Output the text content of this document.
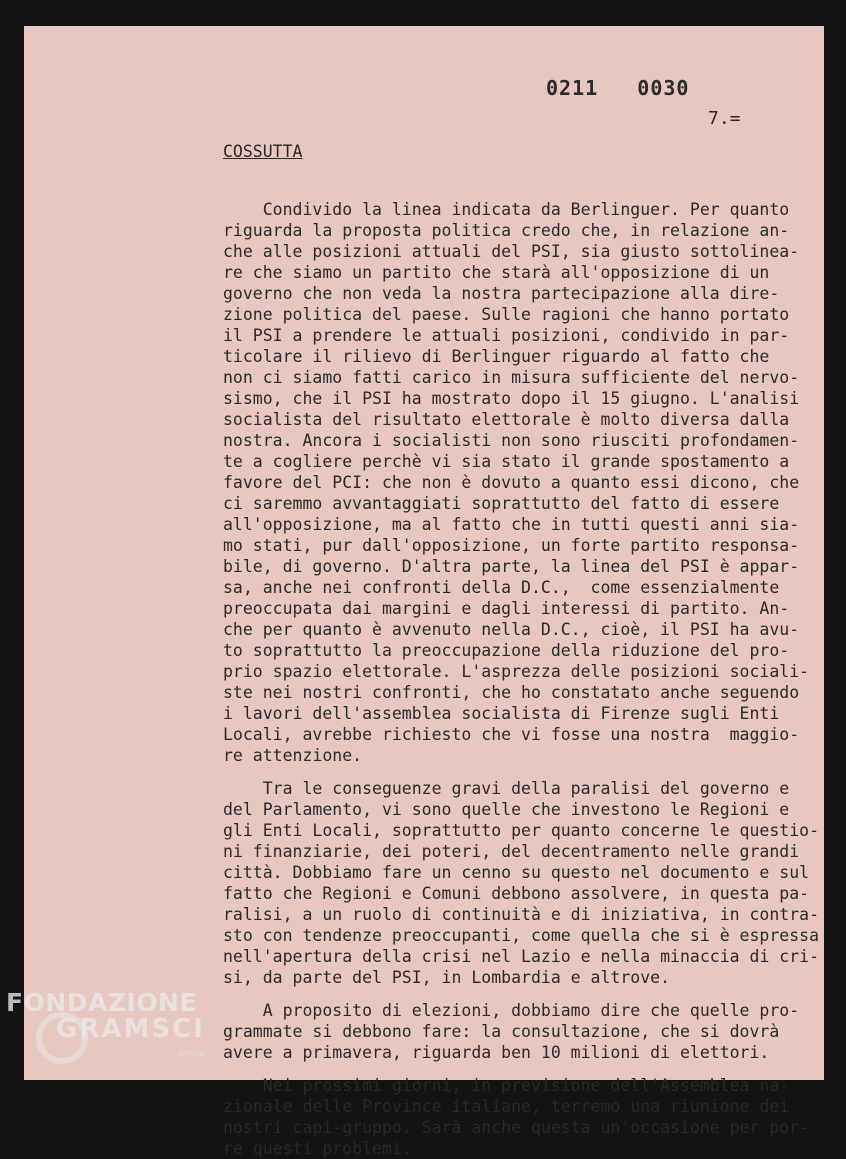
0211   0030
7.=
COSSUTTA
Condivido la linea indicata da Berlinguer. Per quanto
riguarda la proposta politica credo che, in relazione an-
che alle posizioni attuali del PSI, sia giusto sottolinea-
re che siamo un partito che starà all'opposizione di un
governo che non veda la nostra partecipazione alla dire-
zione politica del paese. Sulle ragioni che hanno portato
il PSI a prendere le attuali posizioni, condivido in par-
ticolare il rilievo di Berlinguer riguardo al fatto che
non ci siamo fatti carico in misura sufficiente del nervo-
sismo, che il PSI ha mostrato dopo il 15 giugno. L'analisi
socialista del risultato elettorale è molto diversa dalla
nostra. Ancora i socialisti non sono riusciti profondamen-
te a cogliere perchè vi sia stato il grande spostamento a
favore del PCI: che non è dovuto a quanto essi dicono, che
ci saremmo avvantaggiati soprattutto del fatto di essere
all'opposizione, ma al fatto che in tutti questi anni sia-
mo stati, pur dall'opposizione, un forte partito responsa-
bile, di governo. D'altra parte, la linea del PSI è appar-
sa, anche nei confronti della D.C.,  come essenzialmente
preoccupata dai margini e dagli interessi di partito. An-
che per quanto è avvenuto nella D.C., cioè, il PSI ha avu-
to soprattutto la preoccupazione della riduzione del pro-
prio spazio elettorale. L'asprezza delle posizioni sociali-
ste nei nostri confronti, che ho constatato anche seguendo
i lavori dell'assemblea socialista di Firenze sugli Enti
Locali, avrebbe richiesto che vi fosse una nostra  maggio-
re attenzione.
Tra le conseguenze gravi della paralisi del governo e
del Parlamento, vi sono quelle che investono le Regioni e
gli Enti Locali, soprattutto per quanto concerne le questio-
ni finanziarie, dei poteri, del decentramento nelle grandi
città. Dobbiamo fare un cenno su questo nel documento e sul
fatto che Regioni e Comuni debbono assolvere, in questa pa-
ralisi, a un ruolo di continuità e di iniziativa, in contra-
sto con tendenze preoccupanti, come quella che si è espressa
nell'apertura della crisi nel Lazio e nella minaccia di cri-
si, da parte del PSI, in Lombardia e altrove.
A proposito di elezioni, dobbiamo dire che quelle pro-
grammate si debbono fare: la consultazione, che si dovrà
avere a primavera, riguarda ben 10 milioni di elettori.
Nei prossimi giorni, in previsione dell'Assemblea na-
zionale delle Province italiane, terremo una riunione dei
nostri capi-gruppo. Sarà anche questa un'occasione per por-
re questi problemi.
FONDAZIONE
GRAMSCI
onlus
